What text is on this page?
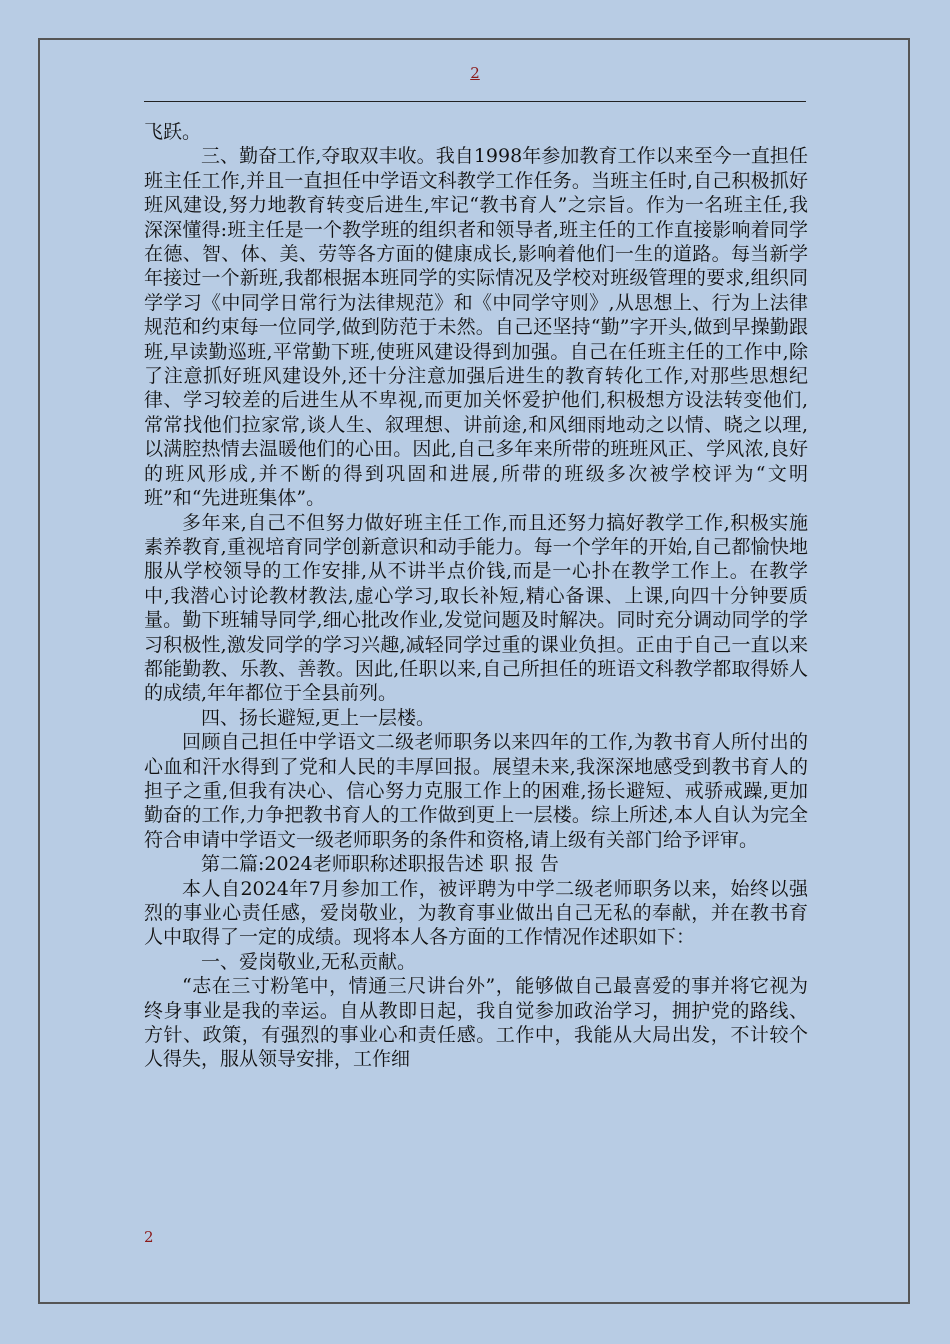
2

飞跃。

三、勤奋工作,夺取双丰收。我自1998年参加教育工作以来至今一直担任班主任工作,并且一直担任中学语文科教学工作任务。当班主任时,自己积极抓好班风建设,努力地教育转变后进生,牢记“教书育人”之宗旨。作为一名班主任,我深深懂得:班主任是一个教学班的组织者和领导者,班主任的工作直接影响着同学在德、智、体、美、劳等各方面的健康成长,影响着他们一生的道路。每当新学年接过一个新班,我都根据本班同学的实际情况及学校对班级管理的要求,组织同学学习《中同学日常行为法律规范》和《中同学守则》,从思想上、行为上法律规范和约束每一位同学,做到防范于未然。自己还坚持“勤”字开头,做到早操勤跟班,早读勤巡班,平常勤下班,使班风建设得到加强。自己在任班主任的工作中,除了注意抓好班风建设外,还十分注意加强后进生的教育转化工作,对那些思想纪律、学习较差的后进生从不卑视,而更加关怀爱护他们,积极想方设法转变他们,常常找他们拉家常,谈人生、叙理想、讲前途,和风细雨地动之以情、晓之以理,以满腔热情去温暖他们的心田。因此,自己多年来所带的班班风正、学风浓,良好的班风形成,并不断的得到巩固和进展,所带的班级多次被学校评为“文明班”和“先进班集体”。

多年来,自己不但努力做好班主任工作,而且还努力搞好教学工作,积极实施素养教育,重视培育同学创新意识和动手能力。每一个学年的开始,自己都愉快地服从学校领导的工作安排,从不讲半点价钱,而是一心扑在教学工作上。在教学中,我潜心讨论教材教法,虚心学习,取长补短,精心备课、上课,向四十分钟要质量。勤下班辅导同学,细心批改作业,发觉问题及时解决。同时充分调动同学的学习积极性,激发同学的学习兴趣,减轻同学过重的课业负担。正由于自己一直以来都能勤教、乐教、善教。因此,任职以来,自己所担任的班语文科教学都取得娇人的成绩,年年都位于全县前列。

四、扬长避短,更上一层楼。

回顾自己担任中学语文二级老师职务以来四年的工作,为教书育人所付出的心血和汗水得到了党和人民的丰厚回报。展望未来,我深深地感受到教书育人的担子之重,但我有决心、信心努力克服工作上的困难,扬长避短、戒骄戒躁,更加勤奋的工作,力争把教书育人的工作做到更上一层楼。综上所述,本人自认为完全符合申请中学语文一级老师职务的条件和资格,请上级有关部门给予评审。

第二篇:2024老师职称述职报告述 职 报 告

本人自2024年7月参加工作，被评聘为中学二级老师职务以来，始终以强烈的事业心责任感，爱岗敬业，为教育事业做出自己无私的奉献，并在教书育人中取得了一定的成绩。现将本人各方面的工作情况作述职如下：

一、爱岗敬业,无私贡献。

“志在三寸粉笔中，情通三尺讲台外”，能够做自己最喜爱的事并将它视为终身事业是我的幸运。自从教即日起，我自觉参加政治学习，拥护党的路线、方针、政策，有强烈的事业心和责任感。工作中，我能从大局出发，不计较个人得失，服从领导安排，工作细

2
